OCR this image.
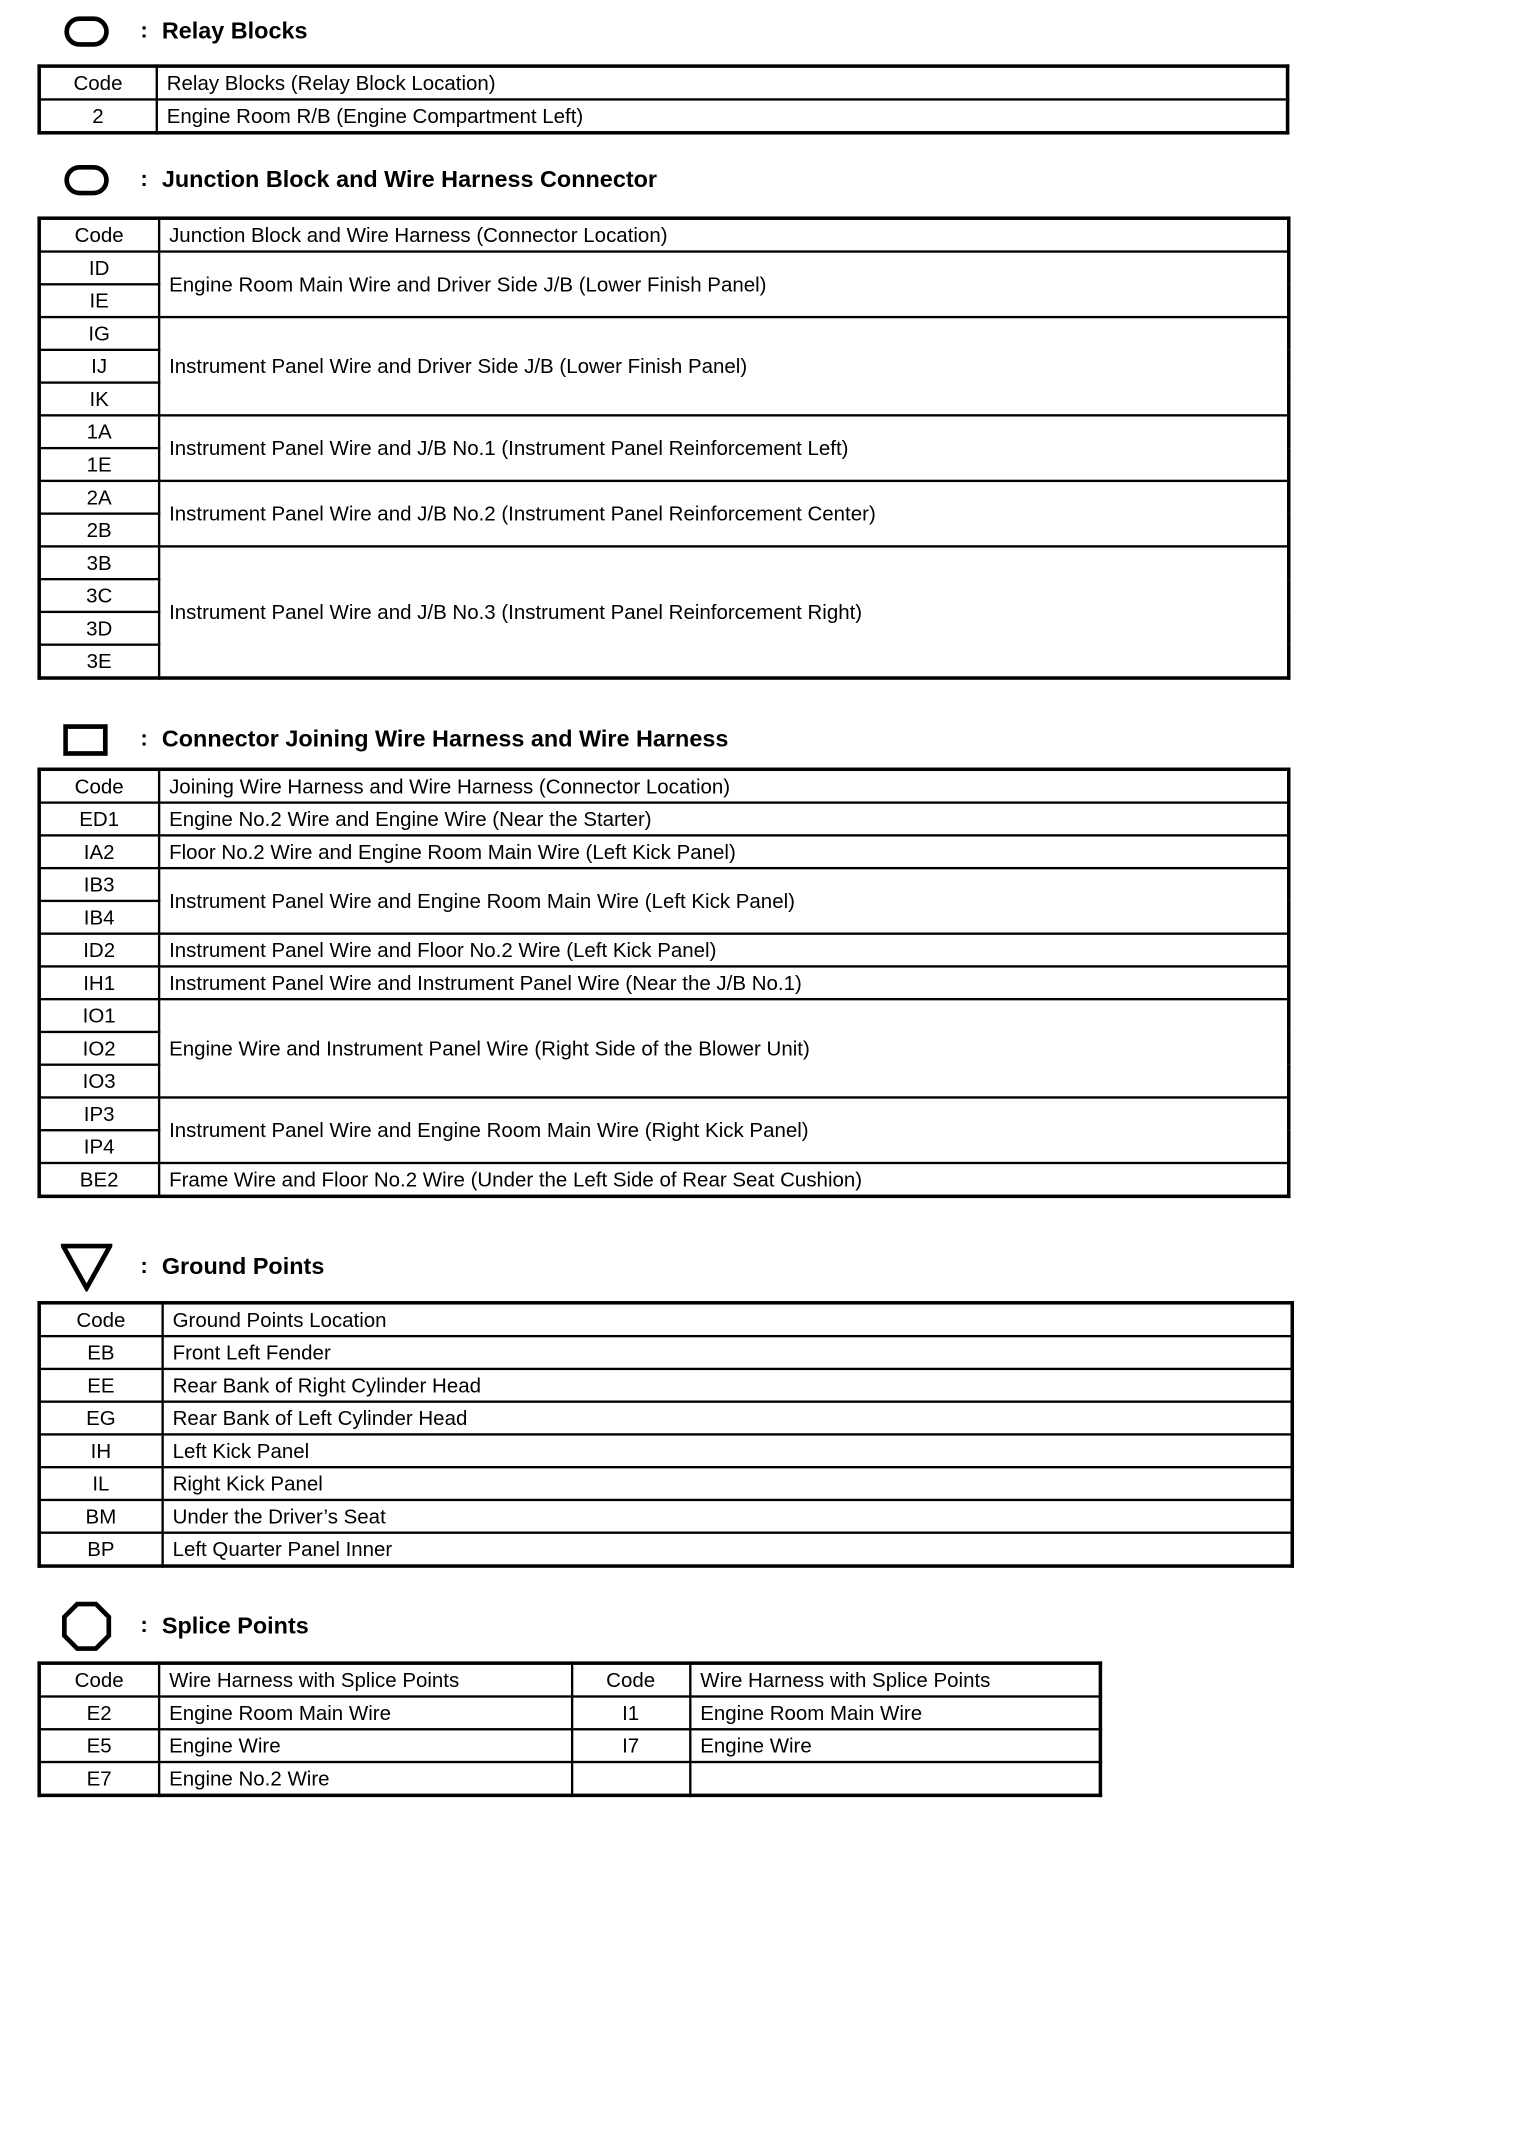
: Relay Blocks
Code	Relay Blocks (Relay Block Location)
2	Engine Room R/B (Engine Compartment Left)
: Junction Block and Wire Harness Connector
Code	Junction Block and Wire Harness (Connector Location)
ID	Engine Room Main Wire and Driver Side J/B (Lower Finish Panel)
IE	
IG	Instrument Panel Wire and Driver Side J/B (Lower Finish Panel)
IJ	
IK	
1A	Instrument Panel Wire and J/B No.1 (Instrument Panel Reinforcement Left)
1E	
2A	Instrument Panel Wire and J/B No.2 (Instrument Panel Reinforcement Center)
2B	
3B	Instrument Panel Wire and J/B No.3 (Instrument Panel Reinforcement Right)
3C	
3D	
3E	
: Connector Joining Wire Harness and Wire Harness
Code	Joining Wire Harness and Wire Harness (Connector Location)
ED1	Engine No.2 Wire and Engine Wire (Near the Starter)
IA2	Floor No.2 Wire and Engine Room Main Wire (Left Kick Panel)
IB3	Instrument Panel Wire and Engine Room Main Wire (Left Kick Panel)
IB4	
ID2	Instrument Panel Wire and Floor No.2 Wire (Left Kick Panel)
IH1	Instrument Panel Wire and Instrument Panel Wire (Near the J/B No.1)
IO1	Engine Wire and Instrument Panel Wire (Right Side of the Blower Unit)
IO2	
IO3	
IP3	Instrument Panel Wire and Engine Room Main Wire (Right Kick Panel)
IP4	
BE2	Frame Wire and Floor No.2 Wire (Under the Left Side of Rear Seat Cushion)
: Ground Points
Code	Ground Points Location
EB	Front Left Fender
EE	Rear Bank of Right Cylinder Head
EG	Rear Bank of Left Cylinder Head
IH	Left Kick Panel
IL	Right Kick Panel
BM	Under the Driver’s Seat
BP	Left Quarter Panel Inner
: Splice Points
Code	Wire Harness with Splice Points	Code	Wire Harness with Splice Points
E2	Engine Room Main Wire	I1	Engine Room Main Wire
E5	Engine Wire	I7	Engine Wire
E7	Engine No.2 Wire		
